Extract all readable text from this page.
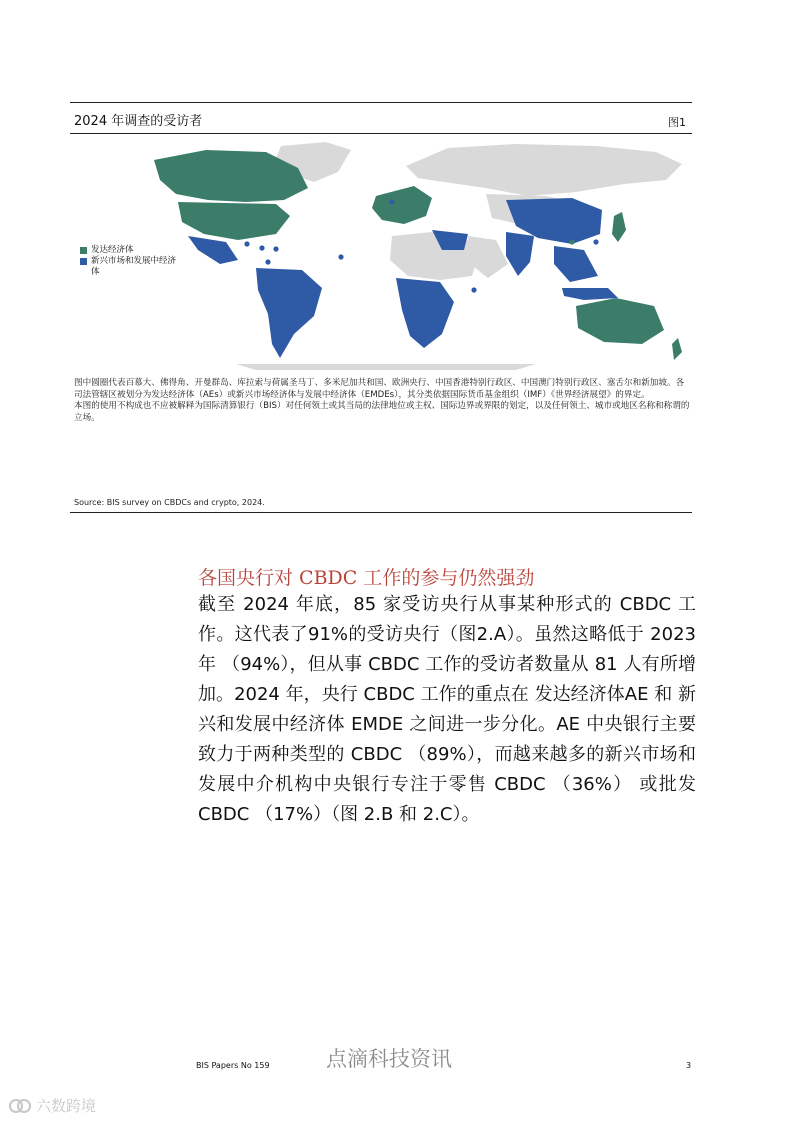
2024 年调查的受访者	图1
发达经济体
新兴市场和发展中经济体

图中圆圈代表百慕大、佛得角、开曼群岛、库拉索与荷属圣马丁、多米尼加共和国、欧洲央行、中国香港特别行政区、中国澳门特别行政区、塞舌尔和新加坡。各司法管辖区被划分为发达经济体（AEs）或新兴市场经济体与发展中经济体（EMDEs），其分类依据国际货币基金组织（IMF）《世界经济展望》的界定。

本图的使用不构成也不应被解释为国际清算银行（BIS）对任何领土或其当局的法律地位或主权、国际边界或界限的划定，以及任何领土、城市或地区名称和称谓的立场。

Source: BIS survey on CBDCs and crypto, 2024.
各国央行对 CBDC 工作的参与仍然强劲
截至 2024 年底，85 家受访央行从事某种形式的 CBDC 工作。这代表了91%的受访央行（图2.A）。虽然这略低于 2023 年 （94%），但从事 CBDC 工作的受访者数量从 81 人有所增加。2024 年，央行 CBDC 工作的重点在 发达经济体AE 和 新兴和发展中经济体 EMDE 之间进一步分化。AE 中央银行主要致力于两种类型的 CBDC （89%），而越来越多的新兴市场和发展中介机构中央银行专注于零售 CBDC （36%） 或批发 CBDC （17%）（图 2.B 和 2.C）。
BIS Papers No 159	点滴科技资讯	3
六数跨境
